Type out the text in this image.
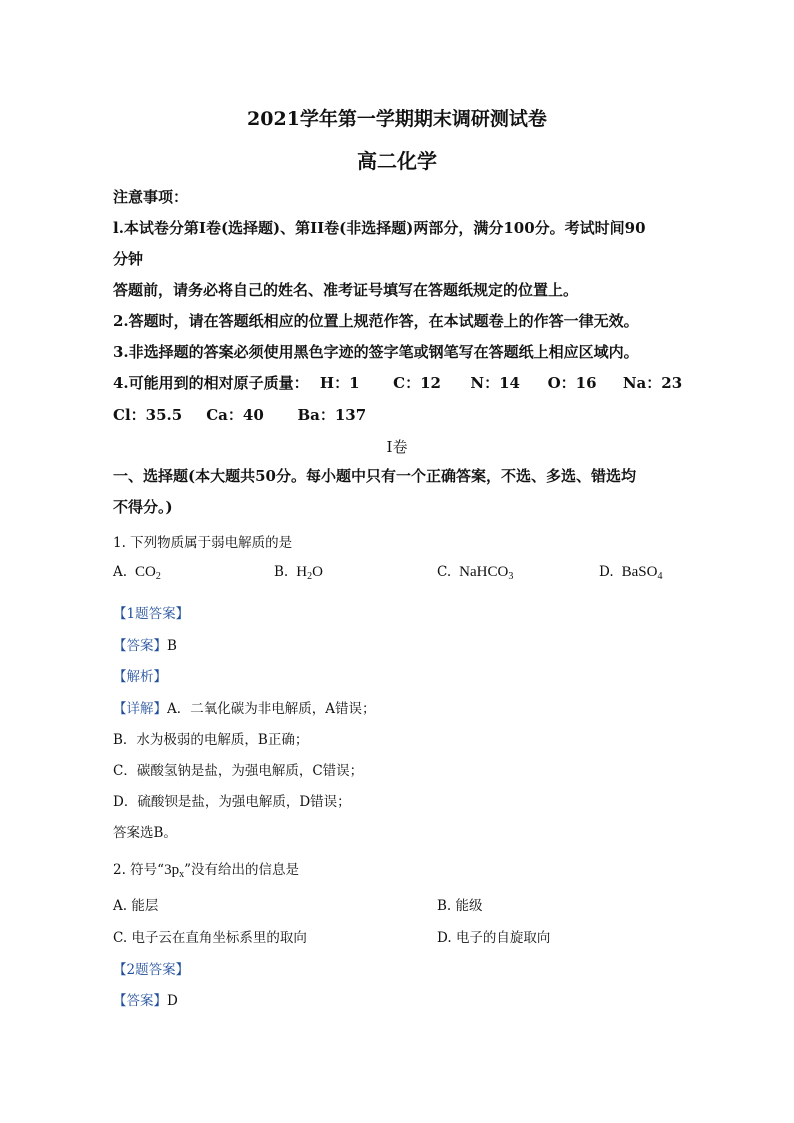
2021学年第一学期期末调研测试卷
高二化学
注意事项：
l.本试卷分第I卷(选择题)、第II卷(非选择题)两部分，满分100分。考试时间90
分钟
答题前，请务必将自己的姓名、准考证号填写在答题纸规定的位置上。
2.答题时，请在答题纸相应的位置上规范作答，在本试题卷上的作答一律无效。
3.非选择题的答案必须使用黑色字迹的签字笔或钢笔写在答题纸上相应区域内。
4.可能用到的相对原子质量： H：1 C：12 N：14 O：16 Na：23
Cl：35.5 Ca：40 Ba：137
I卷
一、选择题(本大题共50分。每小题中只有一个正确答案，不选、多选、错选均
不得分。)
1. 下列物质属于弱电解质的是
A. $CO_2$	B. $H_2O$	C. NaHCO$_3$	D. BaSO$_4$
【1题答案】
【答案】B
【解析】
【详解】A．二氧化碳为非电解质，A错误；
B．水为极弱的电解质，B正确；
C．碳酸氢钠是盐，为强电解质，C错误；
D．硫酸钡是盐，为强电解质，D错误；
答案选B。
2. 符号“$3p_x$”没有给出的信息是
A. 能层	B. 能级
C. 电子云在直角坐标系里的取向	D. 电子的自旋取向
【2题答案】
【答案】D
